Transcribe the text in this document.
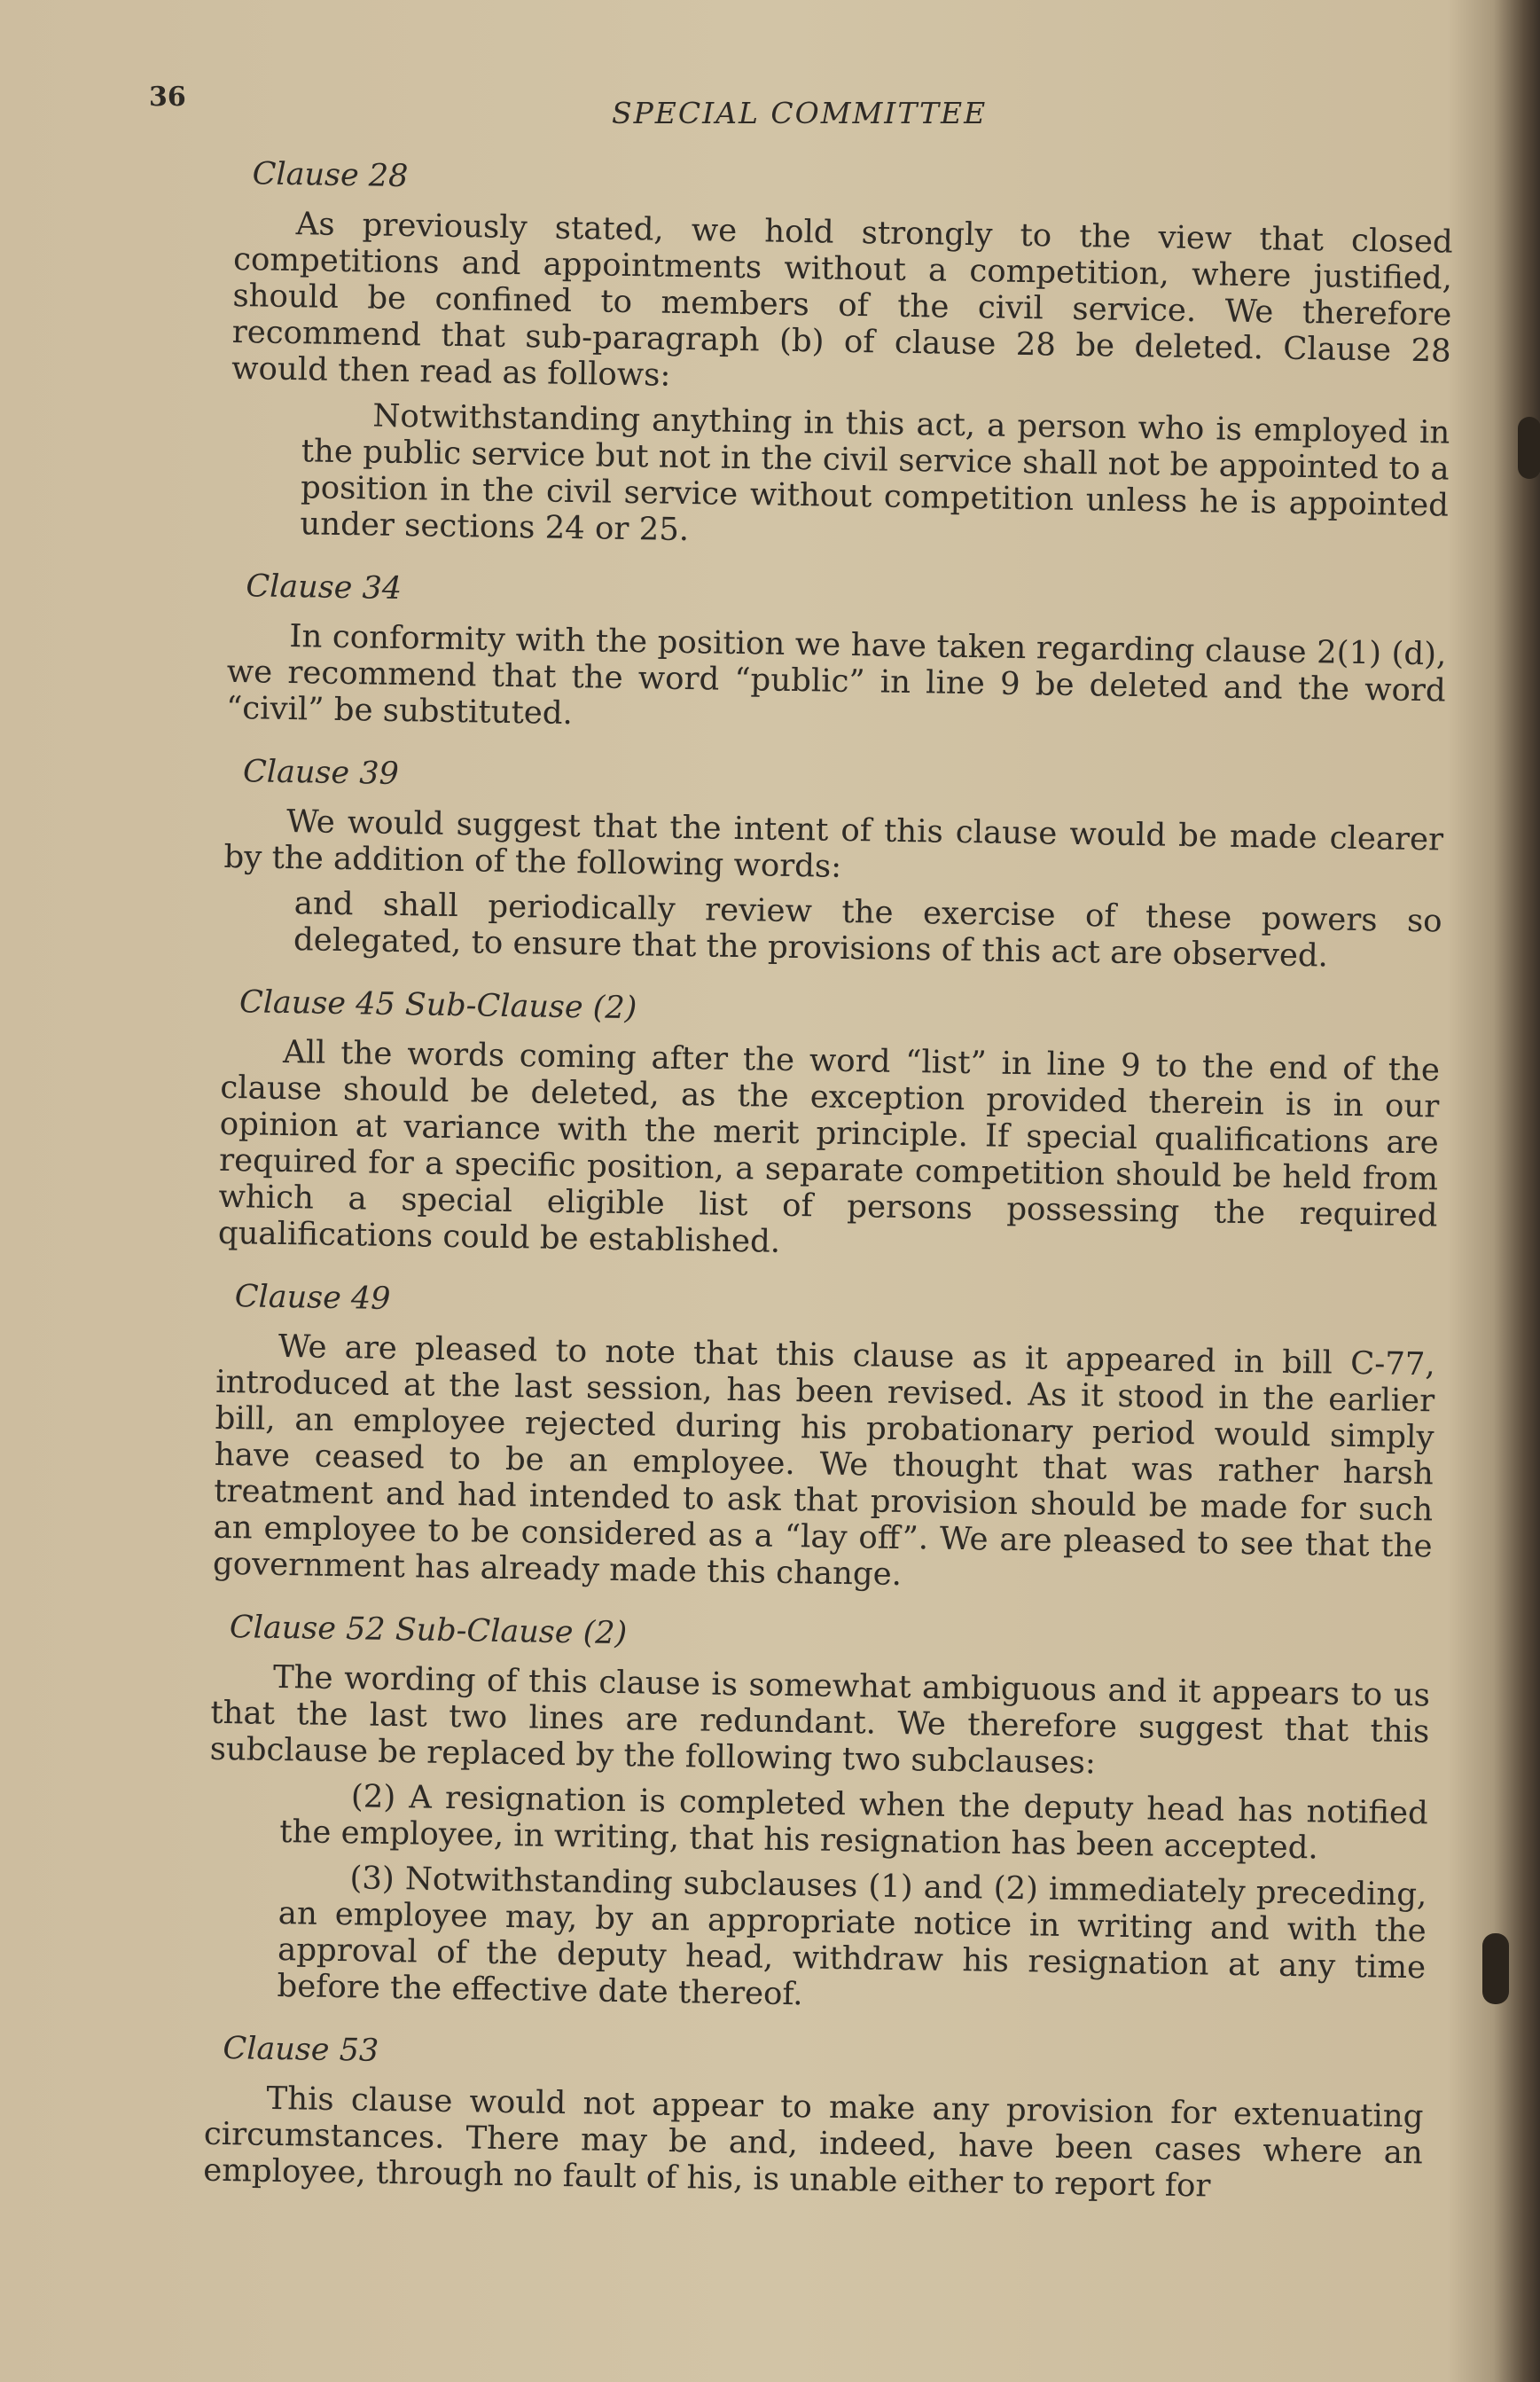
36	SPECIAL COMMITTEE
Clause 28

As previously stated, we hold strongly to the view that closed competitions and appointments without a competition, where justified, should be confined to members of the civil service. We therefore recommend that sub-paragraph (b) of clause 28 be deleted. Clause 28 would then read as follows:

Notwithstanding anything in this act, a person who is employed in the public service but not in the civil service shall not be appointed to a position in the civil service without competition unless he is appointed under sections 24 or 25.

Clause 34

In conformity with the position we have taken regarding clause 2(1) (d), we recommend that the word “public” in line 9 be deleted and the word “civil” be substituted.

Clause 39

We would suggest that the intent of this clause would be made clearer by the addition of the following words:

and shall periodically review the exercise of these powers so delegated, to ensure that the provisions of this act are observed.

Clause 45 Sub-Clause (2)

All the words coming after the word “list” in line 9 to the end of the clause should be deleted, as the exception provided therein is in our opinion at variance with the merit principle. If special qualifications are required for a specific position, a separate competition should be held from which a special eligible list of persons possessing the required qualifications could be established.

Clause 49

We are pleased to note that this clause as it appeared in bill C-77, introduced at the last session, has been revised. As it stood in the earlier bill, an employee rejected during his probationary period would simply have ceased to be an employee. We thought that was rather harsh treatment and had intended to ask that provision should be made for such an employee to be considered as a “lay off”. We are pleased to see that the government has already made this change.

Clause 52 Sub-Clause (2)

The wording of this clause is somewhat ambiguous and it appears to us that the last two lines are redundant. We therefore suggest that this subclause be replaced by the following two subclauses:

(2) A resignation is completed when the deputy head has notified the employee, in writing, that his resignation has been accepted.

(3) Notwithstanding subclauses (1) and (2) immediately preceding, an employee may, by an appropriate notice in writing and with the approval of the deputy head, withdraw his resignation at any time before the effective date thereof.

Clause 53

This clause would not appear to make any provision for extenuating circumstances. There may be and, indeed, have been cases where an employee, through no fault of his, is unable either to report for
